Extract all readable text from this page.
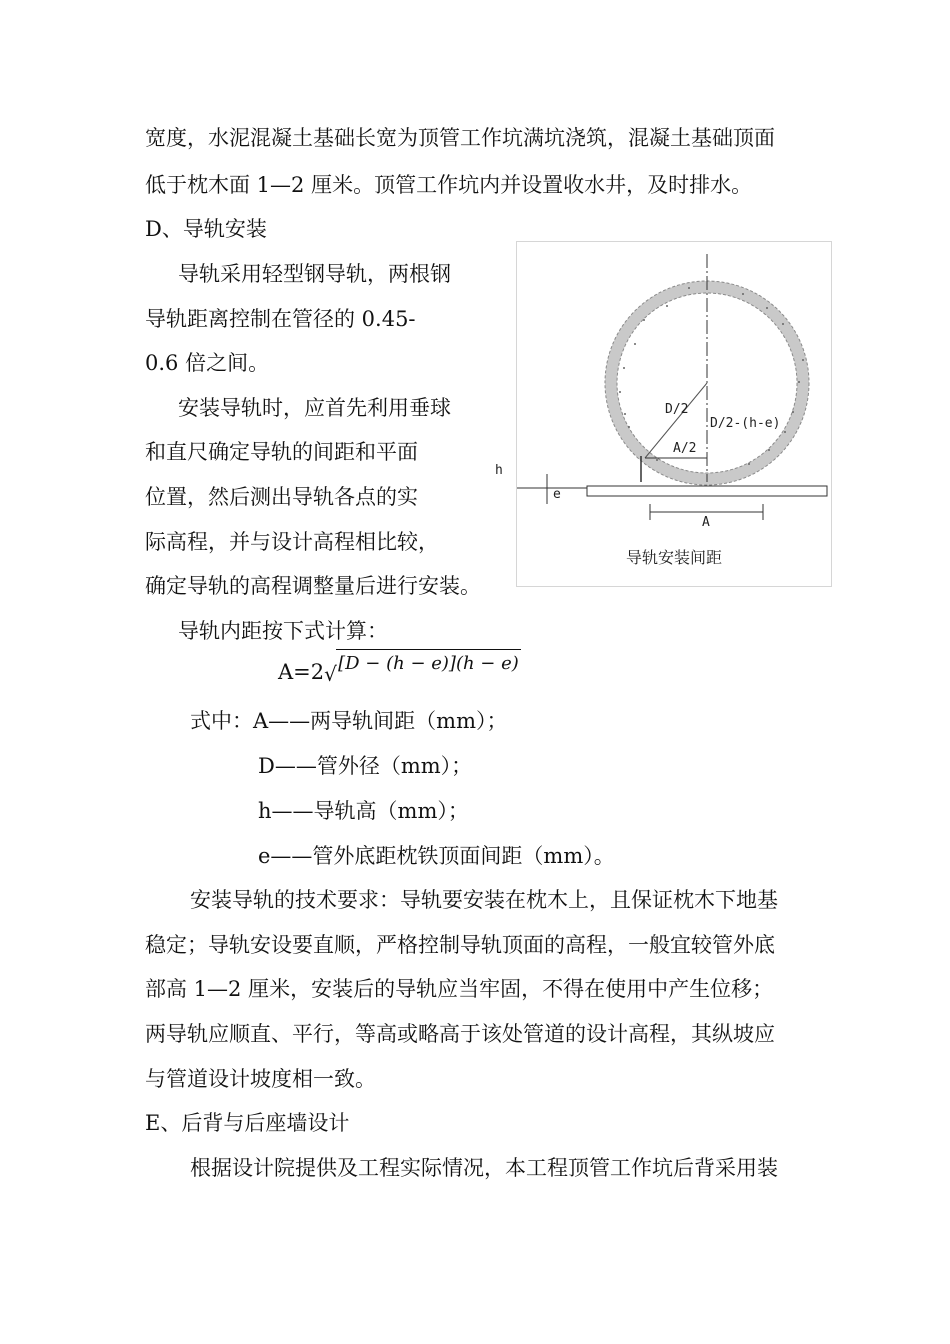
宽度，水泥混凝土基础长宽为顶管工作坑满坑浇筑，混凝土基础顶面
低于枕木面 1—2 厘米。顶管工作坑内并设置收水井，及时排水。
D、导轨安装
导轨采用轻型钢导轨，两根钢
导轨距离控制在管径的 0.45-
0.6 倍之间。
安装导轨时，应首先利用垂球
和直尺确定导轨的间距和平面
位置，然后测出导轨各点的实
际高程，并与设计高程相比较，
确定导轨的高程调整量后进行安装。
导轨内距按下式计算：
A=2 √ [D − (h − e)](h − e)
式中：A——两导轨间距（mm）；
D——管外径（mm）；
h——导轨高（mm）；
e——管外底距枕铁顶面间距（mm）。
安装导轨的技术要求：导轨要安装在枕木上，且保证枕木下地基
稳定；导轨安设要直顺，严格控制导轨顶面的高程，一般宜较管外底
部高 1—2 厘米，安装后的导轨应当牢固，不得在使用中产生位移；
两导轨应顺直、平行，等高或略高于该处管道的设计高程，其纵坡应
与管道设计坡度相一致。
E、后背与后座墙设计
根据设计院提供及工程实际情况，本工程顶管工作坑后背采用装
D/2
D/2-(h-e)
A/2
h
e
A
导轨安装间距
